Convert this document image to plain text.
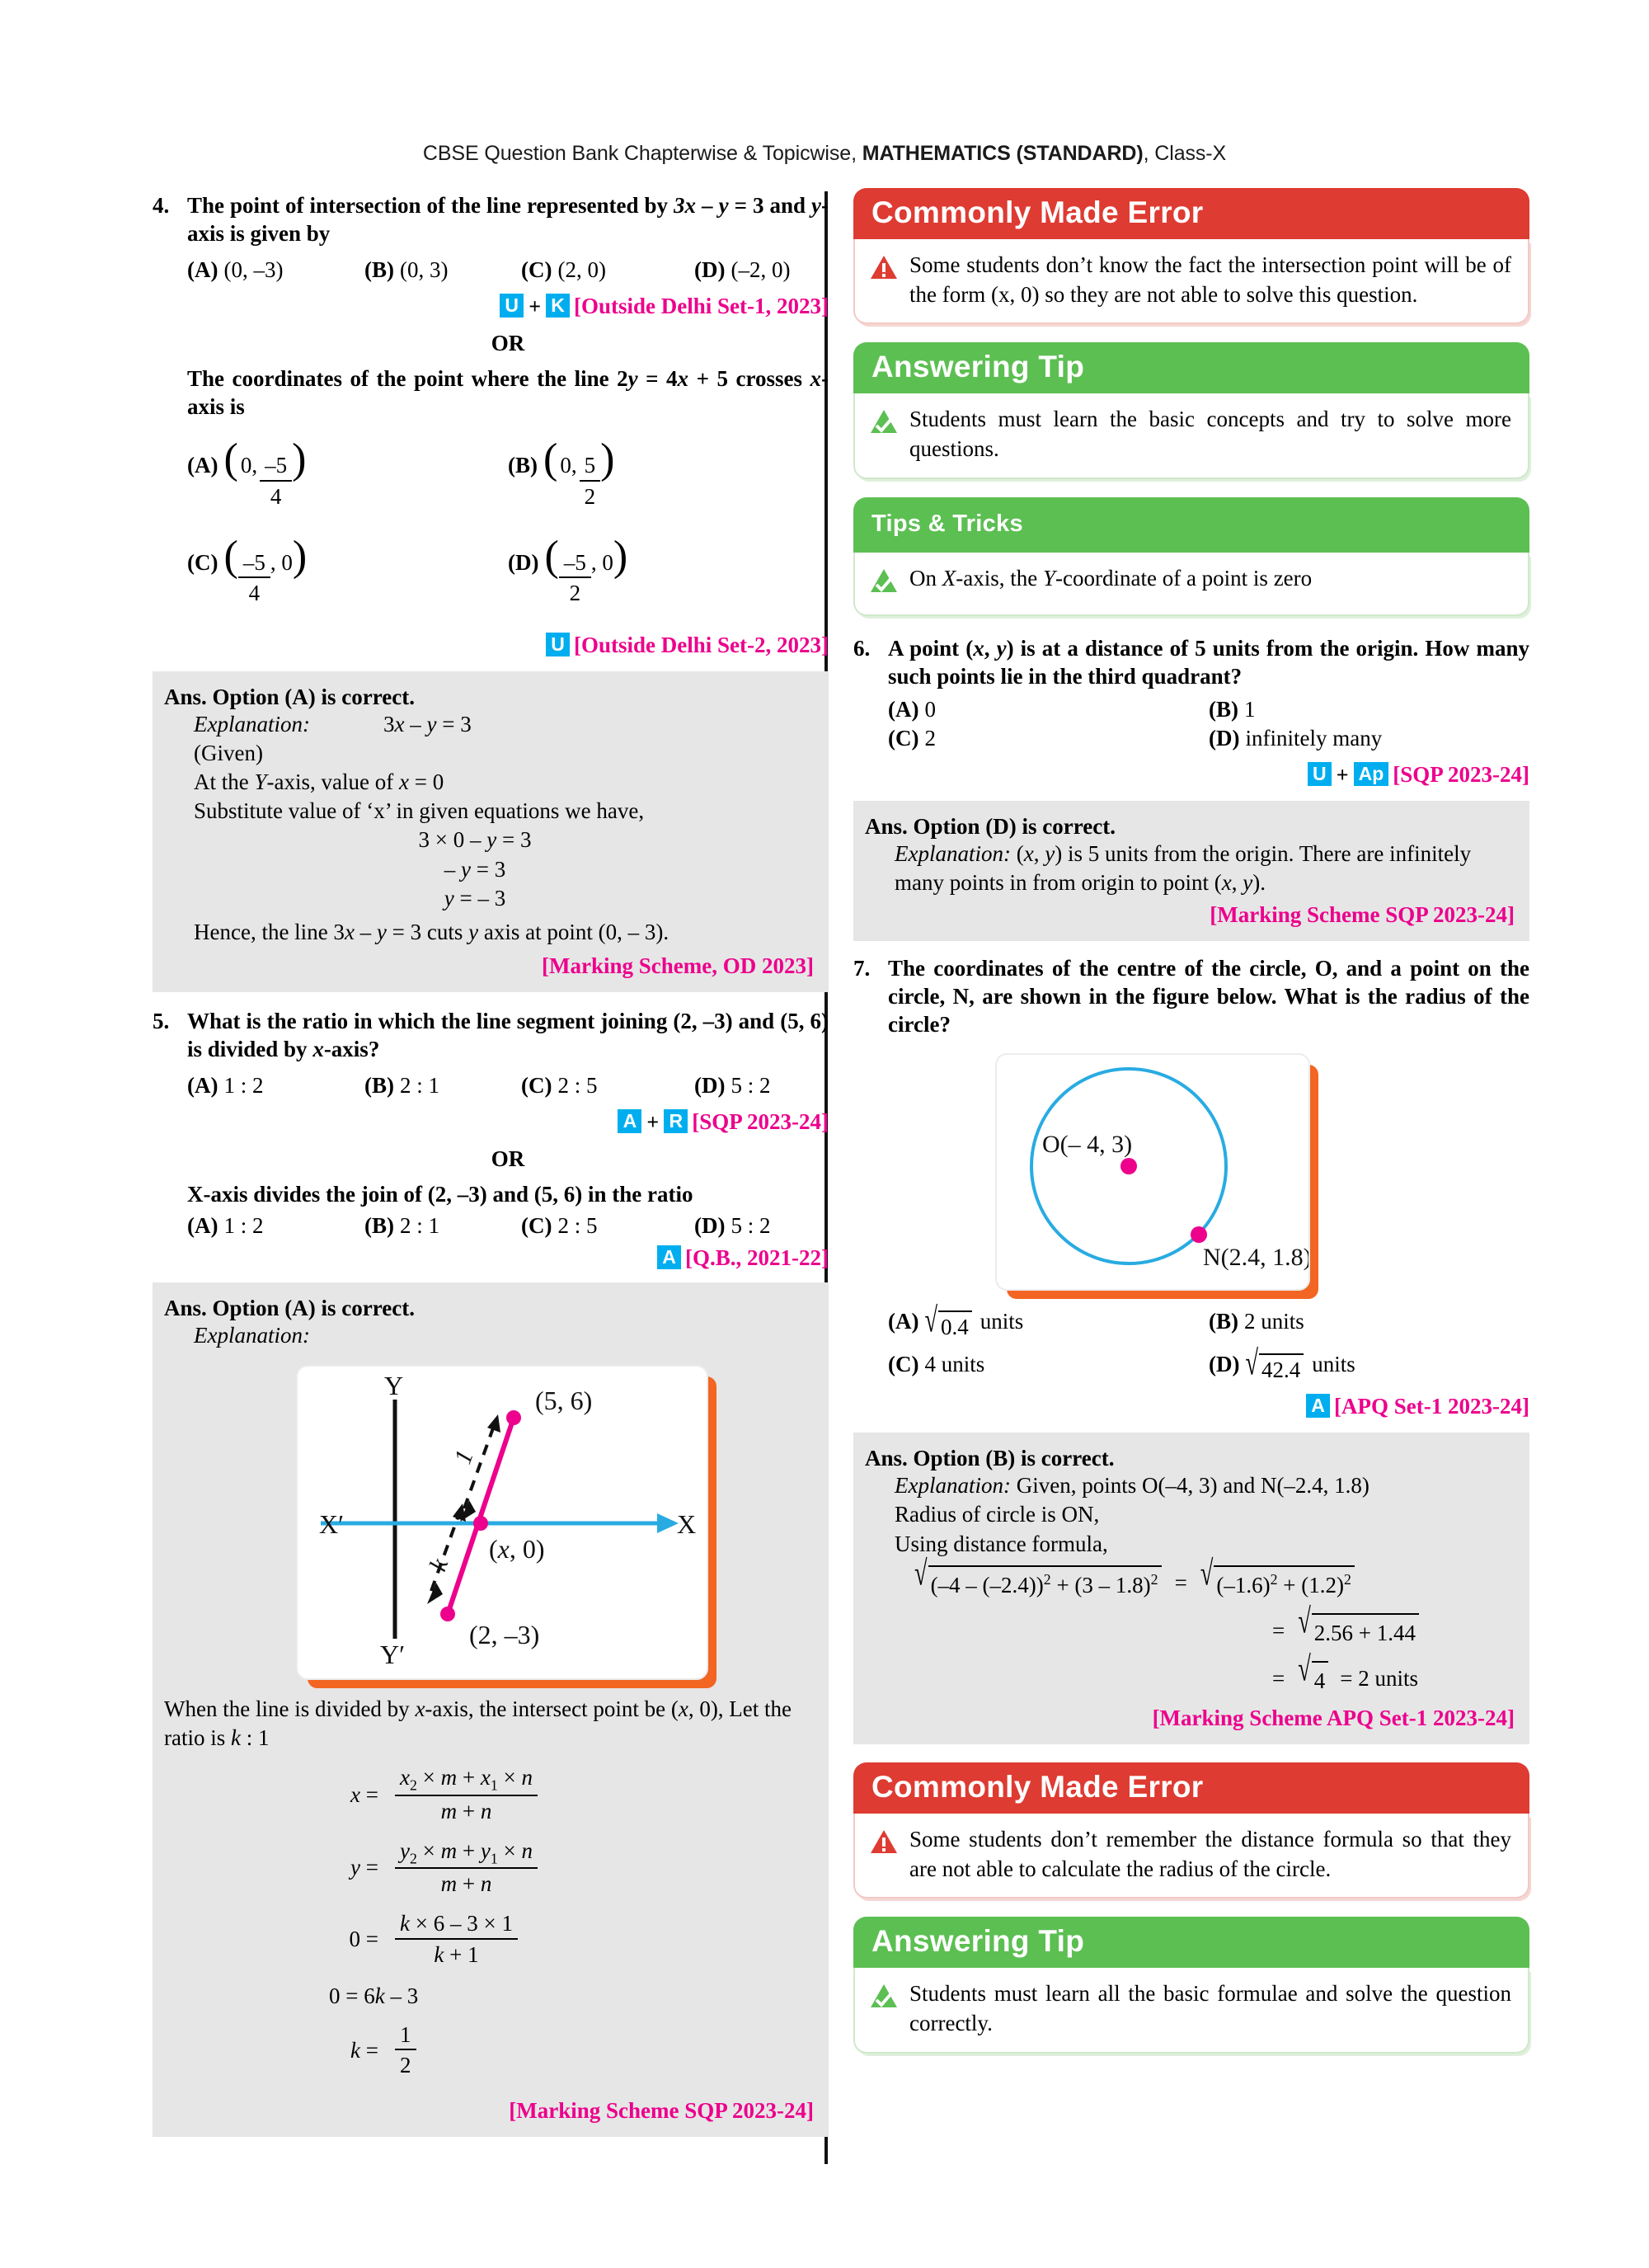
CBSE Question Bank Chapterwise & Topicwise, MATHEMATICS (STANDARD), Class-X
4. The point of intersection of the line represented by 3x – y = 3 and y-axis is given by
(A) (0, –3)	(B) (0, 3)	(C) (2, 0)	(D) (–2, 0)
U + K [Outside Delhi Set-1, 2023]
OR
The coordinates of the point where the line 2y = 4x + 5 crosses x-axis is
(A) ( 0, $\frac{-5}{4}$ )	(B) ( 0, $\frac{5}{2}$ )
(C) ( $\frac{-5}{4}$ , 0 )	(D) ( $\frac{-5}{2}$ , 0 )
U [Outside Delhi Set-2, 2023]
Ans. Option (A) is correct.
Explanation:	3x – y = 3
(Given)
At the Y-axis, value of x = 0
Substitute value of ‘x’ in given equations we have,
3 × 0 – y = 3
– y = 3
y = – 3
Hence, the line 3x – y = 3 cuts y axis at point (0, – 3).
[Marking Scheme, OD 2023]
5. What is the ratio in which the line segment joining (2, –3) and (5, 6) is divided by x-axis?
(A) 1 : 2	(B) 2 : 1	(C) 2 : 5	(D) 5 : 2
A + R [SQP 2023-24]
OR
X-axis divides the join of (2, –3) and (5, 6) in the ratio
(A) 1 : 2	(B) 2 : 1	(C) 2 : 5	(D) 5 : 2
A [Q.B., 2021-22]
Ans. Option (A) is correct.
Explanation:
Y
Y′
X
X′
(5, 6)
(x, 0)
(2, –3)
1
k
When the line is divided by x-axis, the intersect point be (x, 0), Let the ratio is k : 1
$x = \frac{x_2 \times m + x_1 \times n}{m + n}$
$y = \frac{y_2 \times m + y_1 \times n}{m + n}$
$0 = \frac{k \times 6 - 3 \times 1}{k + 1}$
0 = 6k – 3
$k = \frac{1}{2}$
[Marking Scheme SQP 2023-24]
Commonly Made Error

Some students don’t know the fact the intersection point will be of the form (x, 0) so they are not able to solve this question.

Answering Tip

Students must learn the basic concepts and try to solve more questions.

Tips & Tricks

On X-axis, the Y-coordinate of a point is zero

6. A point (x, y) is at a distance of 5 units from the origin. How many such points lie in the third quadrant?
(A) 0	(B) 1
(C) 2	(D) infinitely many
U + Ap [SQP 2023-24]
Ans. Option (D) is correct.
Explanation: (x, y) is 5 units from the origin. There are infinitely many points in from origin to point (x, y).
[Marking Scheme SQP 2023-24]
7. The coordinates of the centre of the circle, O, and a point on the circle, N, are shown in the figure below. What is the radius of the circle?
O(– 4, 3)
N(2.4, 1.8)
(A) √ 0.4 units	(B) 2 units
(C) 4 units	(D) √ 42.4 units
A [APQ Set-1 2023-24]
Ans. Option (B) is correct.
Explanation: Given, points O(–4, 3) and N(–2.4, 1.8)
Radius of circle is ON,
Using distance formula,
√ (–4 – (–2.4))$^2$ + (3 – 1.8)$^2$ = √ $(-1.6)^2 + (1.2)^2$
= √ 2.56 + 1.44
= √ 4 = 2 units
[Marking Scheme APQ Set-1 2023-24]
Commonly Made Error

Some students don’t remember the distance formula so that they are not able to calculate the radius of the circle.

Answering Tip

Students must learn all the basic formulae and solve the question correctly.
